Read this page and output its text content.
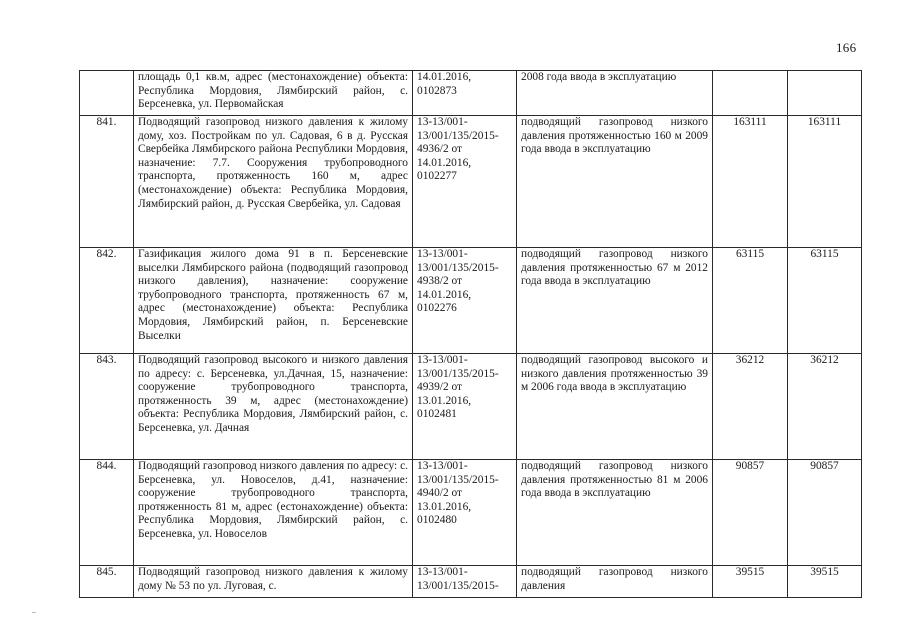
166
	площадь 0,1 кв.м, адрес (местонахождение) объекта: Республика Мордовия, Лямбирский район, с. Берсеневка, ул. Первомайская	14.01.2016, 0102873	2008 года ввода в эксплуатацию		
841.	Подводящий газопровод низкого давления к жилому дому, хоз. Постройкам по ул. Садовая, 6 в д. Русская Свербейка Лямбирского района Республики Мордовия, назначение: 7.7. Сооружения трубопроводного транспорта, протяженность 160 м, адрес (местонахождение) объекта: Республика Мордовия, Лямбирский район, д. Русская Свербейка, ул. Садовая	13-13/001-13/001/135/2015-4936/2 от 14.01.2016, 0102277	подводящий газопровод низкого давления протяженностью 160 м 2009 года ввода в эксплуатацию	163111	163111
842.	Газификация жилого дома 91 в п. Берсеневские выселки Лямбирского района (подводящий газопровод низкого давления), назначение: сооружение трубопроводного транспорта, протяженность 67 м, адрес (местонахождение) объекта: Республика Мордовия, Лямбирский район, п. Берсеневские Выселки	13-13/001-13/001/135/2015-4938/2 от 14.01.2016, 0102276	подводящий газопровод низкого давления протяженностью 67 м 2012 года ввода в эксплуатацию	63115	63115
843.	Подводящий газопровод высокого и низкого давления по адресу: с. Берсеневка, ул.Дачная, 15, назначение: сооружение трубопроводного транспорта, протяженность 39 м, адрес (местонахождение) объекта: Республика Мордовия, Лямбирский район, с. Берсеневка, ул. Дачная	13-13/001-13/001/135/2015-4939/2 от 13.01.2016, 0102481	подводящий газопровод высокого и низкого давления протяженностью 39 м 2006 года ввода в эксплуатацию	36212	36212
844.	Подводящий газопровод низкого давления по адресу: с. Берсеневка, ул. Новоселов, д.41, назначение: сооружение трубопроводного транспорта, протяженность 81 м, адрес (естонахождение) объекта: Республика Мордовия, Лямбирский район, с. Берсеневка, ул. Новоселов	13-13/001-13/001/135/2015-4940/2 от 13.01.2016, 0102480	подводящий газопровод низкого давления протяженностью 81 м 2006 года ввода в эксплуатацию	90857	90857
845.	Подводящий газопровод низкого давления к жилому дому № 53 по ул. Луговая, с.	13-13/001-13/001/135/2015-	подводящий газопровод низкого давления	39515	39515
